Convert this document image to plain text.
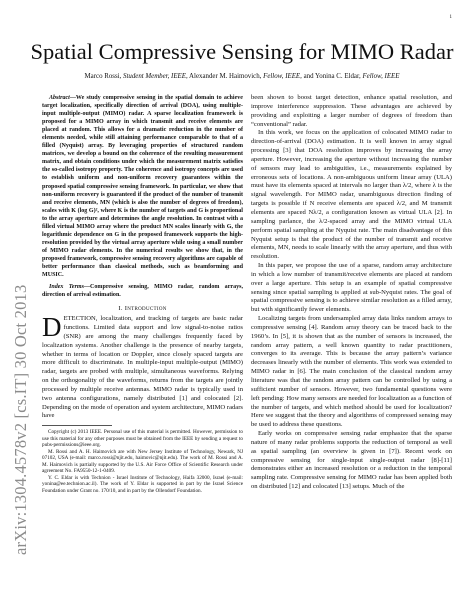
1
arXiv:1304.4578v2 [cs.IT] 30 Oct 2013
Spatial Compressive Sensing for MIMO Radar
Marco Rossi, Student Member, IEEE, Alexander M. Haimovich, Fellow, IEEE, and Yonina C. Eldar, Fellow, IEEE

Abstract—We study compressive sensing in the spatial domain to achieve target localization, specifically direction of arrival (DOA), using multiple-input multiple-output (MIMO) radar. A sparse localization framework is proposed for a MIMO array in which transmit and receive elements are placed at random. This allows for a dramatic reduction in the number of elements needed, while still attaining performance comparable to that of a filled (Nyquist) array. By leveraging properties of structured random matrices, we develop a bound on the coherence of the resulting measurement matrix, and obtain conditions under which the measurement matrix satisfies the so-called isotropy property. The coherence and isotropy concepts are used to establish uniform and non-uniform recovery guarantees within the proposed spatial compressive sensing framework. In particular, we show that non-uniform recovery is guaranteed if the product of the number of transmit and receive elements, MN (which is also the number of degrees of freedom), scales with K (log G)², where K is the number of targets and G is proportional to the array aperture and determines the angle resolution. In contrast with a filled virtual MIMO array where the product MN scales linearly with G, the logarithmic dependence on G in the proposed framework supports the high-resolution provided by the virtual array aperture while using a small number of MIMO radar elements. In the numerical results we show that, in the proposed framework, compressive sensing recovery algorithms are capable of better performance than classical methods, such as beamforming and MUSIC.

Index Terms—Compressive sensing, MIMO radar, random arrays, direction of arrival estimation.

I. Introduction

DETECTION, localization, and tracking of targets are basic radar functions. Limited data support and low signal-to-noise ratios (SNR) are among the many challenges frequently faced by localization systems. Another challenge is the presence of nearby targets, whether in terms of location or Doppler, since closely spaced targets are more difficult to discriminate. In multiple-input multiple-output (MIMO) radar, targets are probed with multiple, simultaneous waveforms. Relying on the orthogonality of the waveforms, returns from the targets are jointly processed by multiple receive antennas. MIMO radar is typically used in two antenna configurations, namely distributed [1] and colocated [2]. Depending on the mode of operation and system architecture, MIMO radars have

Copyright (c) 2013 IEEE. Personal use of this material is permitted. However, permission to use this material for any other purposes must be obtained from the IEEE by sending a request to pubs-permissions@ieee.org.

M. Rossi and A. H. Haimovich are with New Jersey Institute of Technology, Newark, NJ 07102, USA (e-mail: marco.rossi@njit.edu, haimovic@njit.edu). The work of M. Rossi and A. M. Haimovich is partially supported by the U.S. Air Force Office of Scientific Research under agreement No. FA9550-12-1-0409.

Y. C. Eldar is with Technion - Israel Institute of Technology, Haifa 32000, Israel (e-mail: yonina@ee.technion.ac.il). The work of Y. Eldar is supported in part by the Israel Science Foundation under Grant no. 170/10, and in part by the Ollendorf Foundation.

been shown to boost target detection, enhance spatial resolution, and improve interference suppression. These advantages are achieved by providing and exploiting a larger number of degrees of freedom than “conventional” radar.

In this work, we focus on the application of colocated MIMO radar to direction-of-arrival (DOA) estimation. It is well known in array signal processing [3] that DOA resolution improves by increasing the array aperture. However, increasing the aperture without increasing the number of sensors may lead to ambiguities, i.e., measurements explained by erroneous sets of locations. A non-ambiguous uniform linear array (ULA) must have its elements spaced at intervals no larger than λ/2, where λ is the signal wavelength. For MIMO radar, unambiguous direction finding of targets is possible if N receive elements are spaced λ/2, and M transmit elements are spaced Nλ/2, a configuration known as virtual ULA [2]. In sampling parlance, the λ/2-spaced array and the MIMO virtual ULA perform spatial sampling at the Nyquist rate. The main disadvantage of this Nyquist setup is that the product of the number of transmit and receive elements, MN, needs to scale linearly with the array aperture, and thus with resolution.

In this paper, we propose the use of a sparse, random array architecture in which a low number of transmit/receive elements are placed at random over a large aperture. This setup is an example of spatial compressive sensing since spatial sampling is applied at sub-Nyquist rates. The goal of spatial compressive sensing is to achieve similar resolution as a filled array, but with significantly fewer elements.

Localizing targets from undersampled array data links random arrays to compressive sensing [4]. Random array theory can be traced back to the 1960’s. In [5], it is shown that as the number of sensors is increased, the random array pattern, a well known quantity to radar practitioners, converges to its average. This is because the array pattern’s variance decreases linearly with the number of elements. This work was extended to MIMO radar in [6]. The main conclusion of the classical random array literature was that the random array pattern can be controlled by using a sufficient number of sensors. However, two fundamental questions were left pending: How many sensors are needed for localization as a function of the number of targets, and which method should be used for localization? Here we suggest that the theory and algorithms of compressed sensing may be used to address these questions.

Early works on compressive sensing radar emphasize that the sparse nature of many radar problems supports the reduction of temporal as well as spatial sampling (an overview is given in [7]). Recent work on compressive sensing for single-input single-output radar [8]-[11] demonstrates either an increased resolution or a reduction in the temporal sampling rate. Compressive sensing for MIMO radar has been applied both on distributed [12] and colocated [13] setups. Much of the
